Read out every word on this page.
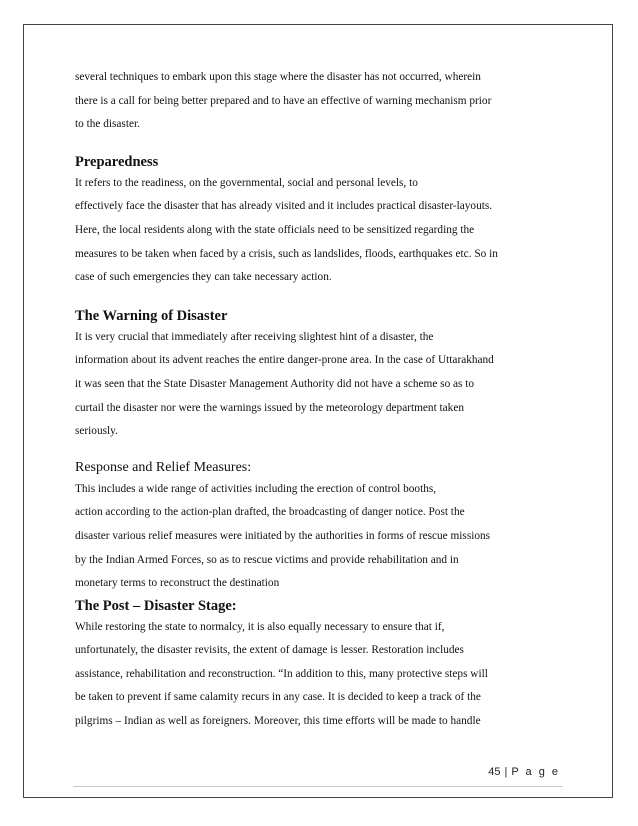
several techniques to embark upon this stage where the disaster has not occurred, wherein
there is a call for being better prepared and to have an effective of warning mechanism prior
to the disaster.
Preparedness
It refers to the readiness, on the governmental, social and personal levels, to
effectively face the disaster that has already visited and it includes practical disaster-layouts.
Here, the local residents along with the state officials need to be sensitized regarding the
measures to be taken when faced by a crisis, such as landslides, floods, earthquakes etc. So in
case of such emergencies they can take necessary action.
The Warning of Disaster
It is very crucial that immediately after receiving slightest hint of a disaster, the
information about its advent reaches the entire danger-prone area. In the case of Uttarakhand
it was seen that the State Disaster Management Authority did not have a scheme so as to
curtail the disaster nor were the warnings issued by the meteorology department taken
seriously.
Response and Relief Measures:
This includes a wide range of activities including the erection of control booths,
action according to the action-plan drafted, the broadcasting of danger notice. Post the
disaster various relief measures were initiated by the authorities in forms of rescue missions
by the Indian Armed Forces, so as to rescue victims and provide rehabilitation and in
monetary terms to reconstruct the destination
The Post – Disaster Stage:
While restoring the state to normalcy, it is also equally necessary to ensure that if,
unfortunately, the disaster revisits, the extent of damage is lesser. Restoration includes
assistance, rehabilitation and reconstruction. “In addition to this, many protective steps will
be taken to prevent if same calamity recurs in any case. It is decided to keep a track of the
pilgrims – Indian as well as foreigners. Moreover, this time efforts will be made to handle
45 | P a g e
